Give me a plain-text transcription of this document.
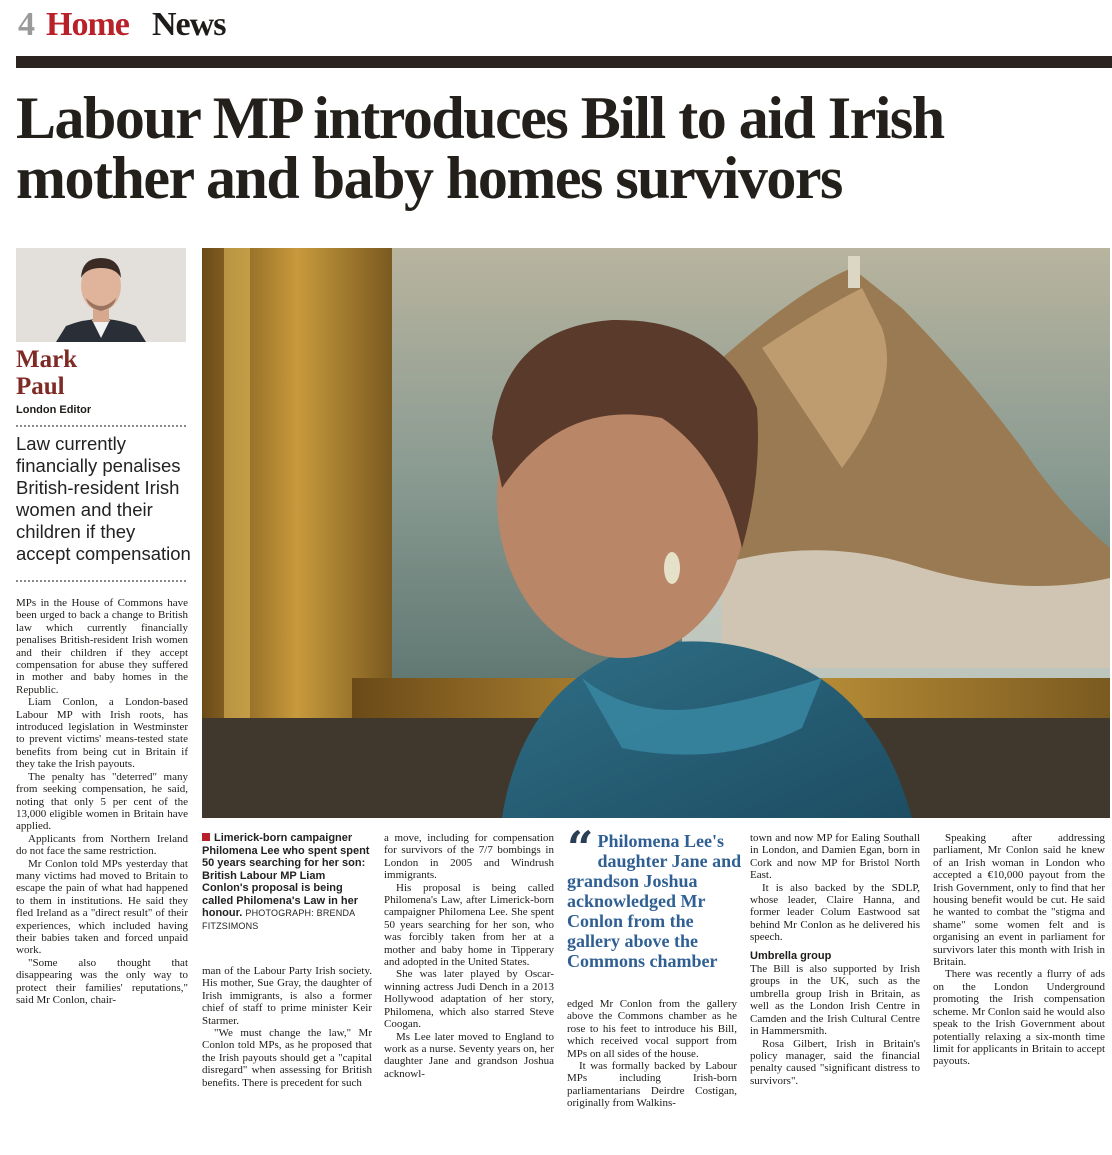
4 Home News
Labour MP introduces Bill to aid Irish mother and baby homes survivors
Mark
Paul
London Editor
Law currently financially penalises British-resident Irish women and their children if they accept compensation
Limerick-born campaigner Philomena Lee who spent spent 50 years searching for her son: British Labour MP Liam Conlon's proposal is being called Philomena's Law in her honour. PHOTOGRAPH: BRENDA FITZSIMONS

MPs in the House of Commons have been urged to back a change to British law which currently financially penalises British-resident Irish women and their children if they accept compensation for abuse they suffered in mother and baby homes in the Republic.

Liam Conlon, a London-based Labour MP with Irish roots, has introduced legislation in Westminster to prevent victims' means-tested state benefits from being cut in Britain if they take the Irish payouts.

The penalty has "deterred" many from seeking compensation, he said, noting that only 5 per cent of the 13,000 eligible women in Britain have applied.

Applicants from Northern Ireland do not face the same restriction.

Mr Conlon told MPs yesterday that many victims had moved to Britain to escape the pain of what had happened to them in institutions. He said they fled Ireland as a "direct result" of their experiences, which included having their babies taken and forced unpaid work.

"Some also thought that disappearing was the only way to protect their families' reputations," said Mr Conlon, chair-

man of the Labour Party Irish society. His mother, Sue Gray, the daughter of Irish immigrants, is also a former chief of staff to prime minister Keir Starmer.

"We must change the law," Mr Conlon told MPs, as he proposed that the Irish payouts should get a "capital disregard" when assessing for British benefits. There is precedent for such

a move, including for compensation for survivors of the 7/7 bombings in London in 2005 and Windrush immigrants.

His proposal is being called Philomena's Law, after Limerick-born campaigner Philomena Lee. She spent 50 years searching for her son, who was forcibly taken from her at a mother and baby home in Tipperary and adopted in the United States.

She was later played by Oscar-winning actress Judi Dench in a 2013 Hollywood adaptation of her story, Philomena, which also starred Steve Coogan.

Ms Lee later moved to England to work as a nurse. Seventy years on, her daughter Jane and grandson Joshua acknowl-

“ Philomena Lee's daughter Jane and grandson Joshua acknowledged Mr Conlon from the gallery above the Commons chamber

edged Mr Conlon from the gallery above the Commons chamber as he rose to his feet to introduce his Bill, which received vocal support from MPs on all sides of the house.

It was formally backed by Labour MPs including Irish-born parliamentarians Deirdre Costigan, originally from Walkins-

town and now MP for Ealing Southall in London, and Damien Egan, born in Cork and now MP for Bristol North East.

It is also backed by the SDLP, whose leader, Claire Hanna, and former leader Colum Eastwood sat behind Mr Conlon as he delivered his speech.

Umbrella group

The Bill is also supported by Irish groups in the UK, such as the umbrella group Irish in Britain, as well as the London Irish Centre in Camden and the Irish Cultural Centre in Hammersmith.

Rosa Gilbert, Irish in Britain's policy manager, said the financial penalty caused "significant distress to survivors".

Speaking after addressing parliament, Mr Conlon said he knew of an Irish woman in London who accepted a €10,000 payout from the Irish Government, only to find that her housing benefit would be cut. He said he wanted to combat the "stigma and shame" some women felt and is organising an event in parliament for survivors later this month with Irish in Britain.

There was recently a flurry of ads on the London Underground promoting the Irish compensation scheme. Mr Conlon said he would also speak to the Irish Government about potentially relaxing a six-month time limit for applicants in Britain to accept payouts.
